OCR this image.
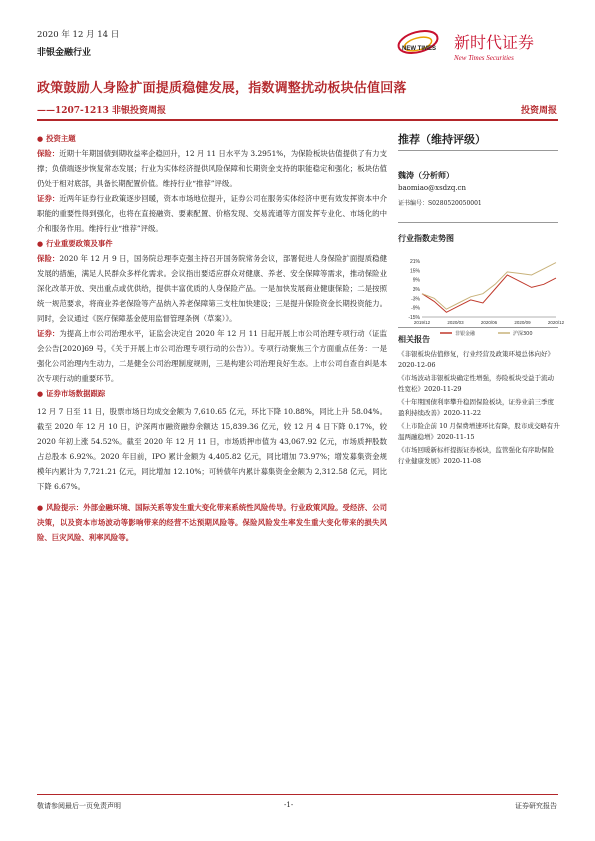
2020 年 12 月 14 日
非银金融行业	NEW TIMES 新时代证券
New Times Securities
政策鼓励人身险扩面提质稳健发展，指数调整扰动板块估值回落
——1207-1213 非银投资周报	投资周报

● 投资主题

保险：近期十年期国债到期收益率企稳回升，12 月 11 日水平为 3.2951%，为保险板块估值提供了有力支撑；负债端逐步恢复常态发展；行业为实体经济提供风险保障和长期资金支持的职能稳定和强化；板块估值仍处于相对底部，具备长期配置价值。维持行业“推荐”评级。

证券：近两年证券行业政策逐步回暖，资本市场地位提升，证券公司在服务实体经济中更有效发挥资本中介职能的重要性得到强化，也将在直接融资、要素配置、价格发现、交易流通等方面发挥专业化、市场化的中介和服务作用。维持行业“推荐”评级。

● 行业重要政策及事件

保险：2020 年 12 月 9 日，国务院总理李克强主持召开国务院常务会议，部署促进人身保险扩面提质稳健发展的措施，满足人民群众多样化需求。会议指出要适应群众对健康、养老、安全保障等需求，推动保险业深化改革开放、突出重点或优供给，提供丰富优质的人身保险产品。一是加快发展商业健康保险；二是按照统一规范要求，将商业养老保险等产品纳入养老保障第三支柱加快建设；三是提升保险资金长期投资能力。同时，会议通过《医疗保障基金使用监督管理条例（草案）》。

证券：为提高上市公司治理水平，证监会决定自 2020 年 12 月 11 日起开展上市公司治理专项行动（证监会公告[2020]69 号，《关于开展上市公司治理专项行动的公告》）。专项行动聚焦三个方面重点任务：一是强化公司治理内生动力，二是健全公司治理制度规则，三是构建公司治理良好生态。上市公司自查自纠是本次专项行动的重要环节。

● 证券市场数据跟踪

12 月 7 日至 11 日，股票市场日均成交金额为 7,610.65 亿元，环比下降 10.88%，同比上升 58.04%。截至 2020 年 12 月 10 日，沪深两市融资融券余额达 15,839.36 亿元，较 12 月 4 日下降 0.17%，较 2020 年初上涨 54.52%。截至 2020 年 12 月 11 日，市场质押市值为 43,067.92 亿元，市场质押股数占总股本 6.92%。2020 年目前，IPO 累计金额为 4,405.82 亿元，同比增加 73.97%；增发募集资金规模年内累计为 7,721.21 亿元，同比增加 12.10%；可转债年内累计募集资金金额为 2,312.58 亿元，同比下降 6.67%。

● 风险提示：外部金融环境、国际关系等发生重大变化带来系统性风险传导。行业政策风险。受经济、公司决策，以及资本市场波动等影响带来的经营不达预期风险等。保险风险发生率发生重大变化带来的损失风险、巨灾风险、利率风险等。

推荐（维持评级）
魏涛（分析师）
baomiao@xsdzq.cn
证书编号：S0280520050001
行业指数走势图
21%
15%
9%
3%
-3%
-9%
-15%
2019/12	2020/03	2020/06	2020/09	2020/12
非银金融	沪深300
相关报告
《非银板块估值修复，行业经营及政策环境总体向好》2020-12-06
《市场波动非银板块确定性增强，券险板块受益于流动性宽松》2020-11-29
《十年期国债利率攀升稳固保险板块，证券业前三季度盈利持续改善》2020-11-22
《上市险企前 10 月保费增速环比有降，股市成交略有升温两融稳增》2020-11-15
《市场回暖新标杆提振证券板块，监管强化有序助保险行业健康发展》2020-11-08
敬请参阅最后一页免责声明	-1-	证券研究报告
